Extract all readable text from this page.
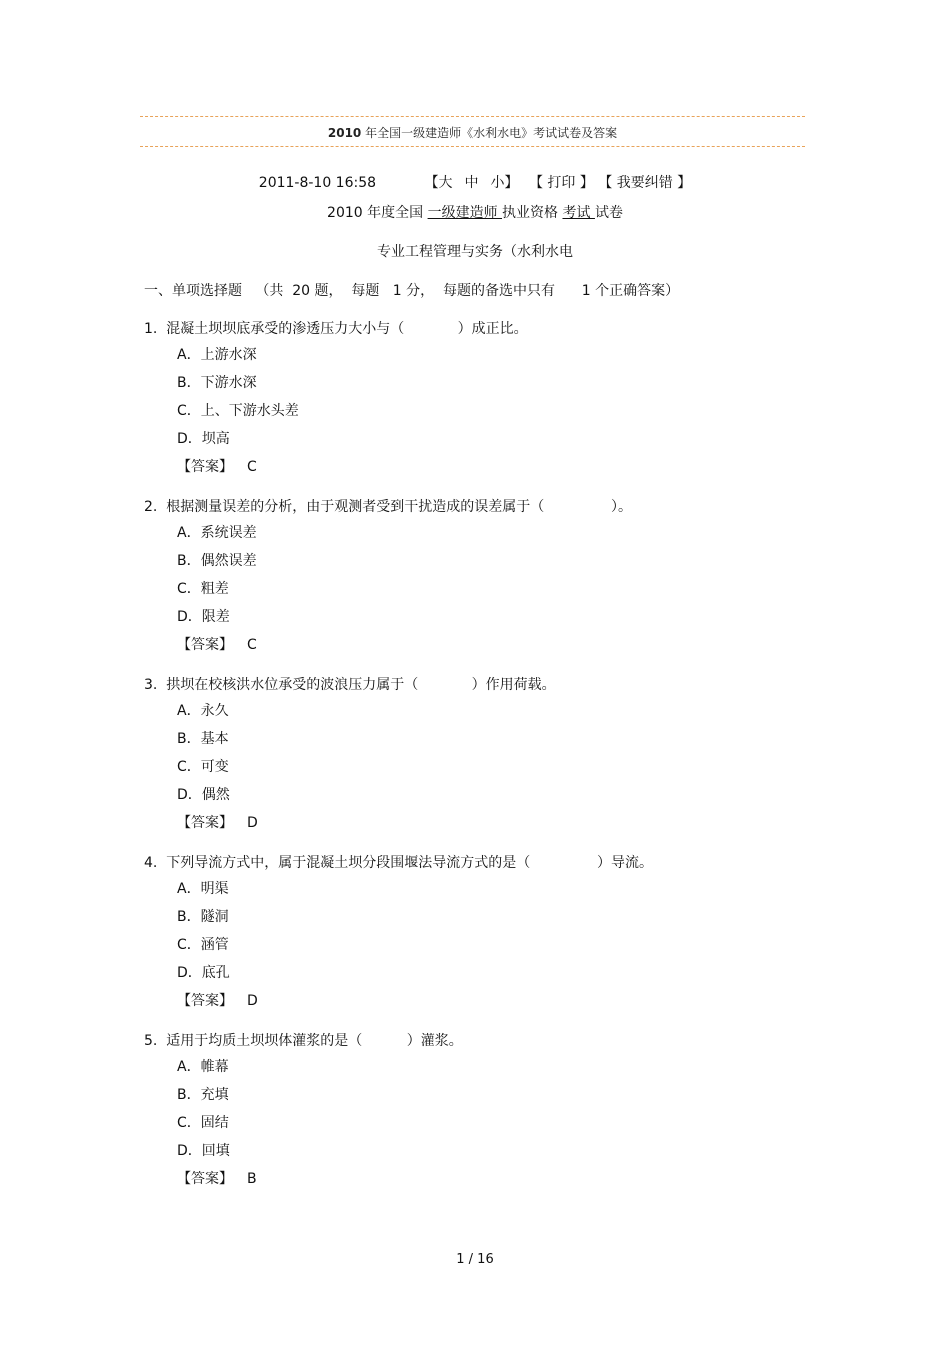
2010 年全国一级建造师《水利水电》考试试卷及答案
2011-8-10 16:58	【大 中 小】 【 打印 】 【 我要纠错 】
2010 年度全国 一级建造师 执业资格 考试 试卷
专业工程管理与实务（水利水电
一、单项选择题   （共  20 题，  每题   1 分，  每题的备选中只有      1 个正确答案）
1.  混凝土坝坝底承受的渗透压力大小与（            ）成正比。
A．上游水深
B．下游水深
C．上、下游水头差
D．坝高
【答案】 C
2.  根据测量误差的分析，由于观测者受到干扰造成的误差属于（               ）。
A．系统误差
B．偶然误差
C．粗差
D．限差
【答案】 C
3.  拱坝在校核洪水位承受的波浪压力属于（            ）作用荷载。
A．永久
B．基本
C．可变
D．偶然
【答案】 D
4.  下列导流方式中，属于混凝土坝分段围堰法导流方式的是（               ）导流。
A．明渠
B．隧洞
C．涵管
D．底孔
【答案】 D
5.  适用于均质土坝坝体灌浆的是（          ）灌浆。
A．帷幕
B．充填
C．固结
D．回填
【答案】 B
1 / 16
